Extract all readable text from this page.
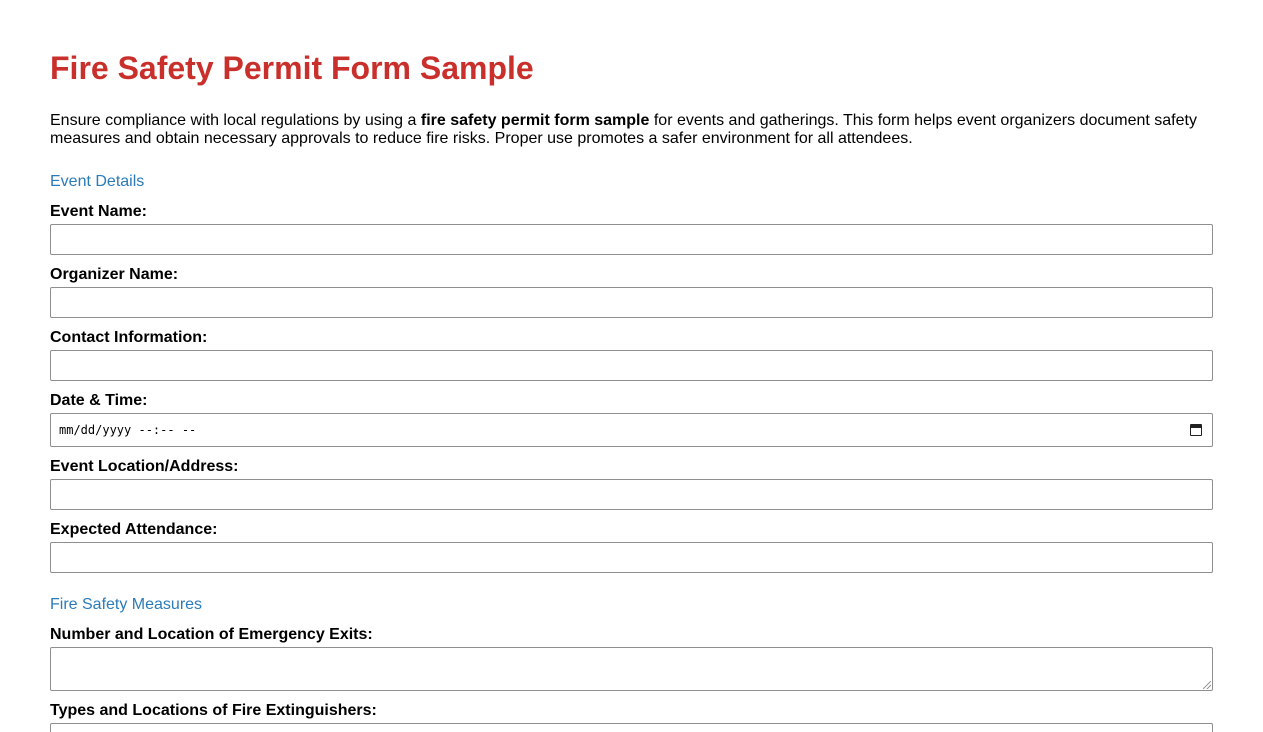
Fire Safety Permit Form Sample

Ensure compliance with local regulations by using a fire safety permit form sample for events and gatherings. This form helps event organizers document safety measures and obtain necessary approvals to reduce fire risks. Proper use promotes a safer environment for all attendees.

Event Details
Event Name:
Organizer Name:
Contact Information:
Date & Time:
mm/dd/yyyy --:-- --
Event Location/Address:
Expected Attendance:
Fire Safety Measures
Number and Location of Emergency Exits:
Types and Locations of Fire Extinguishers:
